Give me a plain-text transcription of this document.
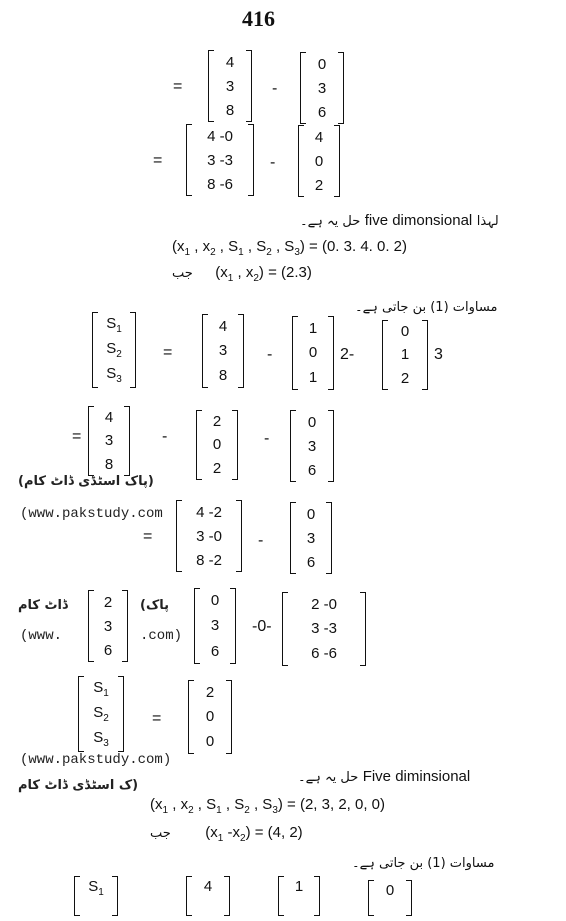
416
=
4
3
8
-
0
3
6
=
4 -0
3 -3
8 -6
-
4
0
2
حل یہ ہے۔ five dimonsional لہذا
($x_1$ , $x_2$ , $S_1$ , $S_2$ , $S_3) = (0$. 3. 4. 0. 2)
جب ($x_1$ , $x_2) = (2.3)$
مساوات (1) بن جاتی ہے۔
$S_1$
$S_2$
$S_3$
=
4
3
8
-
1
0
1
2-
0
1
2
3
=
4
3
8
-
2
0
2
-
0
3
6
(پاک اسٹڈی ڈاٹ کام)
(www.pakstudy.com
=
4 -2
3 -0
8 -2
-
0
3
6
ڈاٹ کام	(پاک
(www.	.com)
2
3
6
0
3
6
-0-
2 -0
3 -3
6 -6
$S_1$
$S_2$
$S_3$
=
2
0
0
(www.pakstudy.com)
ک اسٹڈی ڈاٹ کام)
حل یہ ہے۔ Five diminsional
($x_1$ , $x_2$ , $S_1$ , $S_2$ , $S_3) = (2$, 3, 2, 0, 0)
جب ($x_1$ $-x_2) = (4$, 2)
مساوات (1) بن جاتی ہے۔
$S_1$	4	1	0
